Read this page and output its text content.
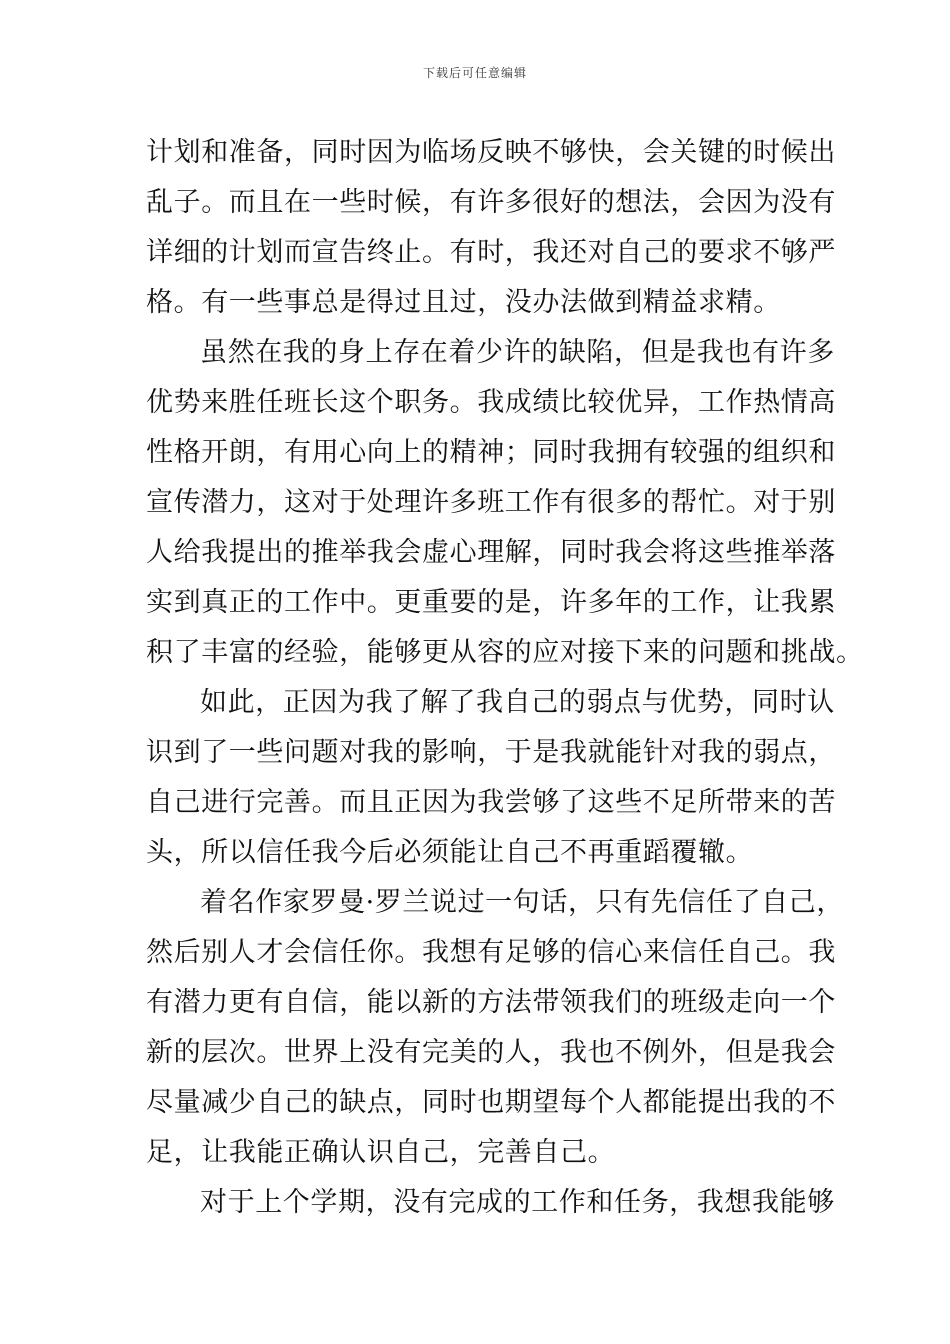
下载后可任意编辑
计划和准备，同时因为临场反映不够快，会关键的时候出
乱子。而且在一些时候，有许多很好的想法，会因为没有
详细的计划而宣告终止。有时，我还对自己的要求不够严
格。有一些事总是得过且过，没办法做到精益求精。
虽然在我的身上存在着少许的缺陷，但是我也有许多
优势来胜任班长这个职务。我成绩比较优异，工作热情高
性格开朗，有用心向上的精神；同时我拥有较强的组织和
宣传潜力，这对于处理许多班工作有很多的帮忙。对于别
人给我提出的推举我会虚心理解，同时我会将这些推举落
实到真正的工作中。更重要的是，许多年的工作，让我累
积了丰富的经验，能够更从容的应对接下来的问题和挑战。
如此，正因为我了解了我自己的弱点与优势，同时认
识到了一些问题对我的影响，于是我就能针对我的弱点，
自己进行完善。而且正因为我尝够了这些不足所带来的苦
头，所以信任我今后必须能让自己不再重蹈覆辙。
着名作家罗曼·罗兰说过一句话，只有先信任了自己，
然后别人才会信任你。我想有足够的信心来信任自己。我
有潜力更有自信，能以新的方法带领我们的班级走向一个
新的层次。世界上没有完美的人，我也不例外，但是我会
尽量减少自己的缺点，同时也期望每个人都能提出我的不
足，让我能正确认识自己，完善自己。
对于上个学期，没有完成的工作和任务，我想我能够
